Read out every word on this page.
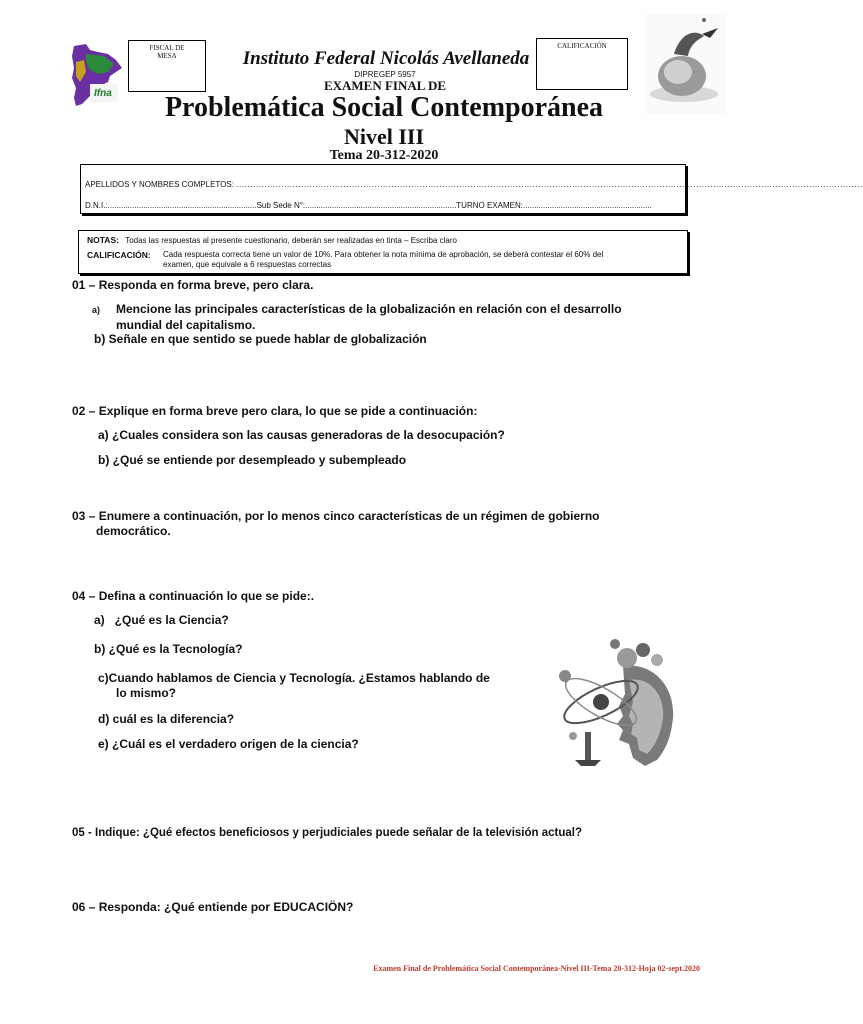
Ifna
FISCAL DE MESA
CALIFICACIÓN
Instituto Federal Nicolás Avellaneda
DIPREGEP 5957
EXAMEN FINAL DE
Problemática Social Contemporánea
Nivel III
Tema 20-312-2020
APELLIDOS Y NOMBRES COMPLETOS: ..............................................................................................................................................................................................................................
D.N.I.:...................................................................Sub Sede N°:....................................................................TURNO EXAMEN:..........................................................
NOTAS: Todas las respuestas al presente cuestionario, deberán ser realizadas en tinta – Escriba claro
CALIFICACIÓN: Cada respuesta correcta tiene un valor de 10%. Para obtener la nota mínima de aprobación, se deberá contestar el 60% del
examen, que equivale a 6 respuestas correctas
01 – Responda en forma breve, pero clara.
a) Mencione las principales características de la globalización en relación con el desarrollo
mundial del capitalismo.
b) Señale en que sentido se puede hablar de globalización
02 – Explique en forma breve pero clara, lo que se pide a continuación:
a) ¿Cuales considera son las causas generadoras de la desocupación?
b) ¿Qué se entiende por desempleado y subempleado
03 – Enumere a continuación, por lo menos cinco características de un régimen de gobierno
democrático.
04 – Defina a continuación lo que se pide:.
a)   ¿Qué es la Ciencia?
b) ¿Qué es la Tecnología?
c)Cuando hablamos de Ciencia y Tecnología. ¿Estamos hablando de
lo mismo?
d) cuál es la diferencia?
e) ¿Cuál es el verdadero origen de la ciencia?
05 - Indique: ¿Qué efectos beneficiosos y perjudiciales puede señalar de la televisión actual?
06 – Responda: ¿Qué entiende por EDUCACIÖN?
Examen Final de Problemática Social Contemporánea-Nivel III-Tema 20-312-Hoja 02-sept.2020
